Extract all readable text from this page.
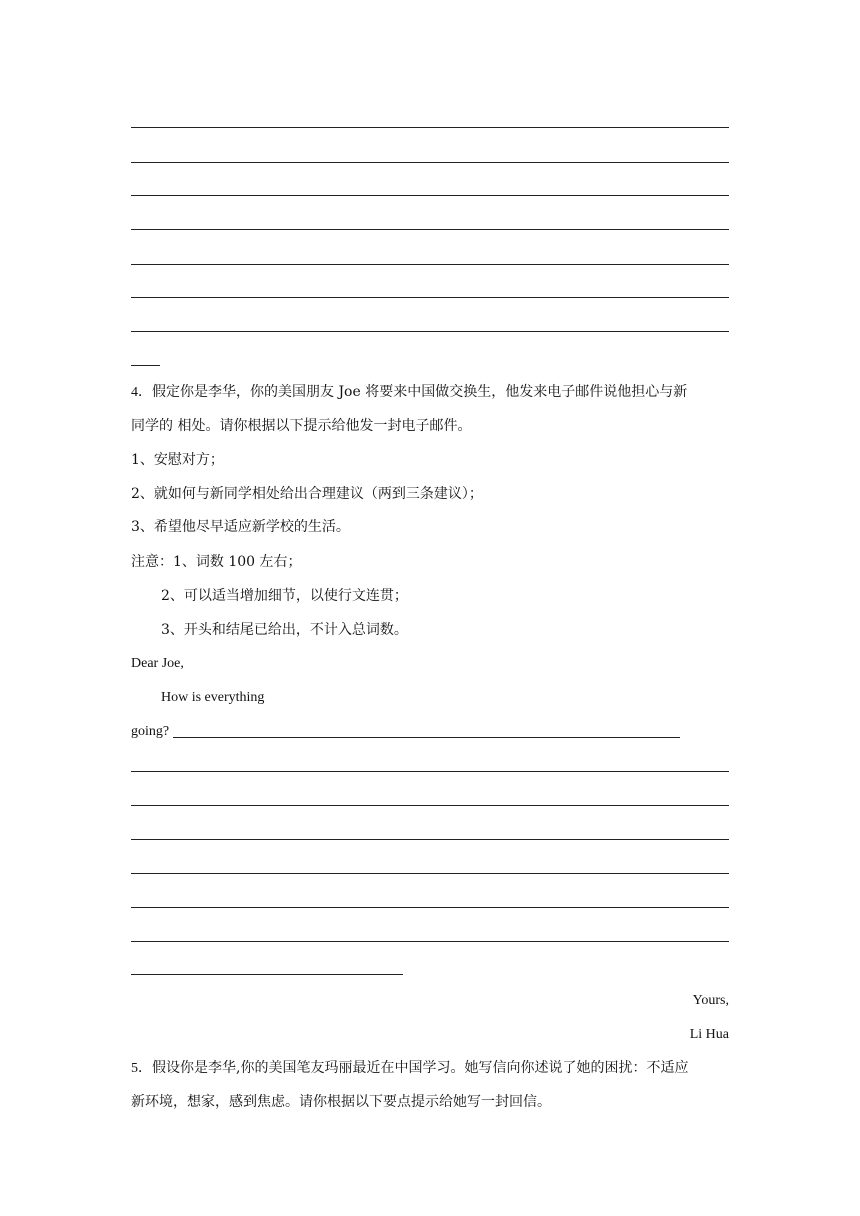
4．假定你是李华，你的美国朋友 Joe 将要来中国做交换生，他发来电子邮件说他担心与新
同学的 相处。请你根据以下提示给他发一封电子邮件。
1、安慰对方；
2、就如何与新同学相处给出合理建议（两到三条建议）；
3、希望他尽早适应新学校的生活。
注意：1、词数 100 左右；
2、可以适当增加细节，以使行文连贯；
3、开头和结尾已给出，不计入总词数。
Dear Joe,
How is everything
going?
Yours,
Li Hua
5．假设你是李华,你的美国笔友玛丽最近在中国学习。她写信向你述说了她的困扰：不适应
新环境，想家，感到焦虑。请你根据以下要点提示给她写一封回信。
